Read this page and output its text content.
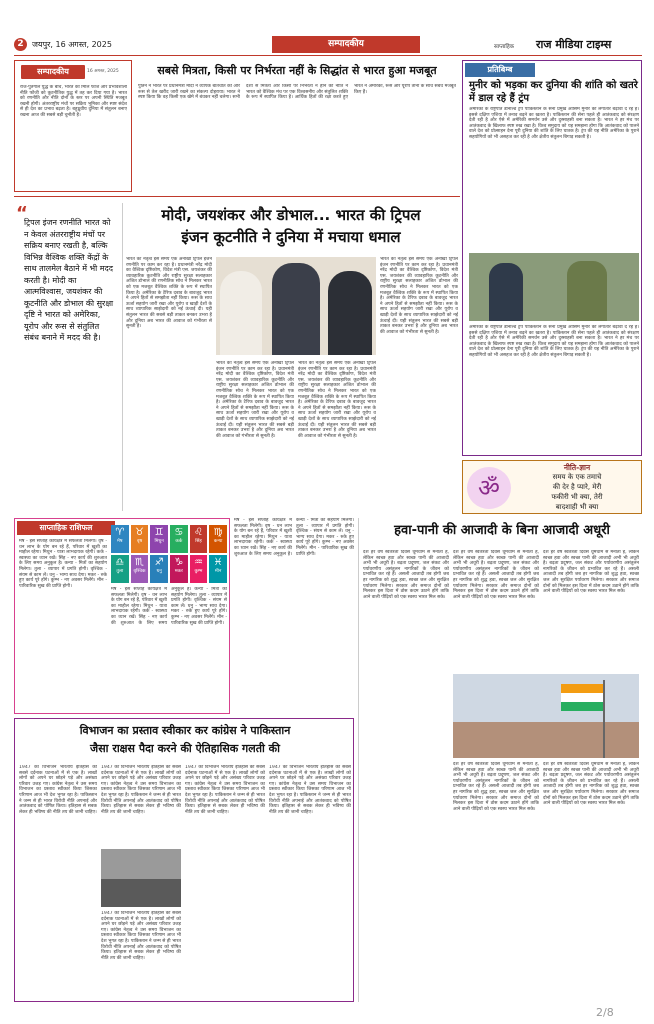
2	जयपुर, 16 अगस्त, 2025	सम्पादकीय	साप्ताहिक राज मीडिया टाइम्स
सम्पादकीय	16 अगस्त, 2025
राज-पुर्तगाल युद्ध के बीच, भारत को मिलि फौज और प्रभावशाली नीति फौजी को कूटनीतिक युद्ध में तह कर दिया गया है। भारत को रणनीति और नीति दोनों के स्तर पर अपनी स्थिति मजबूत रखनी होगी। अंतरराष्ट्रीय मंचों पर सक्रिय भूमिका और स्पष्ट संदेश से ही देश का प्रभाव बढ़ता है। बहुध्रुवीय दुनिया में संतुलन बनाए रखना आज की सबसे बड़ी चुनौती है।
सबसे मित्रता, किसी पर निर्भरता नहीं के सिद्धांत से भारत हुआ मजबूत
पुतिन ने भारत पर प्रधानमंत्री मोदी ने व्यापक बातचीत की और रूस से तेल खरीद जारी रखने का संकल्प दोहराया। भारत ने स्पष्ट किया कि वह किसी एक खेमे में बंधकर नहीं चलेगा। सभी देशों से मित्रता और किसी पर निर्भरता न होने की नीति ने भारत को वैश्विक मंच पर एक विश्वसनीय और संतुलित शक्ति के रूप में स्थापित किया है। आर्थिक हितों की रक्षा करते हुए भारत ने अमेरिका, रूस और यूरोप तीनों के साथ संबंध मजबूत किए हैं।
प्रतिबिम्ब
मुनीर को भड़का कर दुनिया की शांति को खतरे में डाल रहे हैं ट्रंप
अमेरिका के राष्ट्रपति डोनाल्ड ट्रंप पाकिस्तान के सेना प्रमुख आसिम मुनीर को लगातार बढ़ावा दे रहे हैं। इससे दक्षिण एशिया में तनाव बढ़ने का खतरा है। पाकिस्तान की सेना पहले ही आतंकवाद को संरक्षण देती रही है और ऐसे में अमेरिकी समर्थन उसे और दुस्साहसी बना सकता है। भारत ने हर मंच पर आतंकवाद के खिलाफ स्पष्ट रुख रखा है। विश्व समुदाय को यह समझना होगा कि आतंकवाद को पालने वाले देश को प्रोत्साहन देना पूरी दुनिया की शांति के लिए घातक है। ट्रंप की यह नीति अमेरिका के पुराने सहयोगियों को भी असहज कर रही है और क्षेत्रीय संतुलन बिगाड़ सकती है।
अमेरिका के राष्ट्रपति डोनाल्ड ट्रंप पाकिस्तान के सेना प्रमुख आसिम मुनीर को लगातार बढ़ावा दे रहे हैं। इससे दक्षिण एशिया में तनाव बढ़ने का खतरा है। पाकिस्तान की सेना पहले ही आतंकवाद को संरक्षण देती रही है और ऐसे में अमेरिकी समर्थन उसे और दुस्साहसी बना सकता है। भारत ने हर मंच पर आतंकवाद के खिलाफ स्पष्ट रुख रखा है। विश्व समुदाय को यह समझना होगा कि आतंकवाद को पालने वाले देश को प्रोत्साहन देना पूरी दुनिया की शांति के लिए घातक है। ट्रंप की यह नीति अमेरिका के पुराने सहयोगियों को भी असहज कर रही है और क्षेत्रीय संतुलन बिगाड़ सकती है।
“
ट्रिपल इंजन रणनीति भारत को न केवल अंतरराष्ट्रीय मंचों पर सक्रिय बनाए रखती है, बल्कि विभिन्न वैश्विक शक्ति केंद्रों के साथ तालमेल बैठाने में भी मदद करती है। मोदी का आत्मविश्वास, जयशंकर की कूटनीति और डोभाल की सुरक्षा दृष्टि ने भारत को अमेरिका, यूरोप और रूस से संतुलित संबंध बनाने में मदद की है।
मोदी, जयशंकर और डोभाल... भारत की ट्रिपल
इंजन कूटनीति ने दुनिया में मचाया धमाल
भारत का नेतृत्व इस समय एक अनोखी ट्रिपल इंजन रणनीति पर काम कर रहा है। प्रधानमंत्री नरेंद्र मोदी का वैश्विक दृष्टिकोण, विदेश मंत्री एस. जयशंकर की व्यावहारिक कूटनीति और राष्ट्रीय सुरक्षा सलाहकार अजित डोभाल की रणनीतिक सोच ने मिलकर भारत को एक मजबूत वैश्विक शक्ति के रूप में स्थापित किया है। अमेरिका के टैरिफ दबाव के बावजूद भारत ने अपने हितों से समझौता नहीं किया। रूस के साथ ऊर्जा सहयोग जारी रखा और यूरोप व खाड़ी देशों के साथ व्यापारिक साझेदारी को नई ऊंचाई दी। यही संतुलन भारत की सबसे बड़ी ताकत बनकर उभरा है और दुनिया अब भारत की आवाज को गंभीरता से सुनती है।
भारत का नेतृत्व इस समय एक अनोखी ट्रिपल इंजन रणनीति पर काम कर रहा है। प्रधानमंत्री नरेंद्र मोदी का वैश्विक दृष्टिकोण, विदेश मंत्री एस. जयशंकर की व्यावहारिक कूटनीति और राष्ट्रीय सुरक्षा सलाहकार अजित डोभाल की रणनीतिक सोच ने मिलकर भारत को एक मजबूत वैश्विक शक्ति के रूप में स्थापित किया है। अमेरिका के टैरिफ दबाव के बावजूद भारत ने अपने हितों से समझौता नहीं किया। रूस के साथ ऊर्जा सहयोग जारी रखा और यूरोप व खाड़ी देशों के साथ व्यापारिक साझेदारी को नई ऊंचाई दी। यही संतुलन भारत की सबसे बड़ी ताकत बनकर उभरा है और दुनिया अब भारत की आवाज को गंभीरता से सुनती है।
भारत का नेतृत्व इस समय एक अनोखी ट्रिपल इंजन रणनीति पर काम कर रहा है। प्रधानमंत्री नरेंद्र मोदी का वैश्विक दृष्टिकोण, विदेश मंत्री एस. जयशंकर की व्यावहारिक कूटनीति और राष्ट्रीय सुरक्षा सलाहकार अजित डोभाल की रणनीतिक सोच ने मिलकर भारत को एक मजबूत वैश्विक शक्ति के रूप में स्थापित किया है। अमेरिका के टैरिफ दबाव के बावजूद भारत ने अपने हितों से समझौता नहीं किया। रूस के साथ ऊर्जा सहयोग जारी रखा और यूरोप व खाड़ी देशों के साथ व्यापारिक साझेदारी को नई ऊंचाई दी। यही संतुलन भारत की सबसे बड़ी ताकत बनकर उभरा है और दुनिया अब भारत की आवाज को गंभीरता से सुनती है।
भारत का नेतृत्व इस समय एक अनोखी ट्रिपल इंजन रणनीति पर काम कर रहा है। प्रधानमंत्री नरेंद्र मोदी का वैश्विक दृष्टिकोण, विदेश मंत्री एस. जयशंकर की व्यावहारिक कूटनीति और राष्ट्रीय सुरक्षा सलाहकार अजित डोभाल की रणनीतिक सोच ने मिलकर भारत को एक मजबूत वैश्विक शक्ति के रूप में स्थापित किया है। अमेरिका के टैरिफ दबाव के बावजूद भारत ने अपने हितों से समझौता नहीं किया। रूस के साथ ऊर्जा सहयोग जारी रखा और यूरोप व खाड़ी देशों के साथ व्यापारिक साझेदारी को नई ऊंचाई दी। यही संतुलन भारत की सबसे बड़ी ताकत बनकर उभरा है और दुनिया अब भारत की आवाज को गंभीरता से सुनती है।
ॐ
नीति-ज्ञान
समय के एक तमाचे
की देर है प्यारे, मेरी
फकीरी भी क्या, तेरी
बादशाही भी क्या
साप्ताहिक राशिफल	♈
मेष
♉
वृष
♊
मिथुन
♋
कर्क
♌
सिंह
♍
कन्या
♎
तुला
♏
वृश्चिक
♐
धनु
♑
मकर
♒
कुम्भ
♓
मीन
मेष - इस सप्ताह कार्यक्षेत्र में सफलता मिलेगी। वृष - धन लाभ के योग बन रहे हैं, परिवार में खुशी का माहौल रहेगा। मिथुन - यात्रा लाभदायक रहेगी। कर्क - स्वास्थ्य का ध्यान रखें। सिंह - नए कार्य की शुरुआत के लिए समय अनुकूल है। कन्या - मित्रों का सहयोग मिलेगा। तुला - व्यापार में प्रगति होगी। वृश्चिक - संयम से काम लें। धनु - भाग्य साथ देगा। मकर - रुके हुए कार्य पूरे होंगे। कुम्भ - नए अवसर मिलेंगे। मीन - पारिवारिक सुख की प्राप्ति होगी।
मेष - इस सप्ताह कार्यक्षेत्र में सफलता मिलेगी। वृष - धन लाभ के योग बन रहे हैं, परिवार में खुशी का माहौल रहेगा। मिथुन - यात्रा लाभदायक रहेगी। कर्क - स्वास्थ्य का ध्यान रखें। सिंह - नए कार्य की शुरुआत के लिए समय अनुकूल है। कन्या - मित्रों का सहयोग मिलेगा। तुला - व्यापार में प्रगति होगी। वृश्चिक - संयम से काम लें। धनु - भाग्य साथ देगा। मकर - रुके हुए कार्य पूरे होंगे। कुम्भ - नए अवसर मिलेंगे। मीन - पारिवारिक सुख की प्राप्ति होगी।
मेष - इस सप्ताह कार्यक्षेत्र में सफलता मिलेगी। वृष - धन लाभ के योग बन रहे हैं, परिवार में खुशी का माहौल रहेगा। मिथुन - यात्रा लाभदायक रहेगी। कर्क - स्वास्थ्य का ध्यान रखें। सिंह - नए कार्य की शुरुआत के लिए समय अनुकूल है। कन्या - मित्रों का सहयोग मिलेगा। तुला - व्यापार में प्रगति होगी। वृश्चिक - संयम से काम लें। धनु - भाग्य साथ देगा। मकर - रुके हुए कार्य पूरे होंगे। कुम्भ - नए अवसर मिलेंगे। मीन - पारिवारिक सुख की प्राप्ति होगी।
हवा-पानी की आजादी के बिना आजादी अधूरी
देश हर वर्ष स्वतंत्रता दिवस धूमधाम से मनाता है, लेकिन स्वच्छ हवा और स्वच्छ पानी की आजादी अभी भी अधूरी है। बढ़ता प्रदूषण, जल संकट और पर्यावरणीय असंतुलन नागरिकों के जीवन को प्रभावित कर रहे हैं। असली आजादी तब होगी जब हर नागरिक को शुद्ध हवा, स्वच्छ जल और सुरक्षित पर्यावरण मिलेगा। सरकार और समाज दोनों को मिलकर इस दिशा में ठोस कदम उठाने होंगे ताकि आने वाली पीढ़ियों को एक स्वस्थ भारत मिल सके।
देश हर वर्ष स्वतंत्रता दिवस धूमधाम से मनाता है, लेकिन स्वच्छ हवा और स्वच्छ पानी की आजादी अभी भी अधूरी है। बढ़ता प्रदूषण, जल संकट और पर्यावरणीय असंतुलन नागरिकों के जीवन को प्रभावित कर रहे हैं। असली आजादी तब होगी जब हर नागरिक को शुद्ध हवा, स्वच्छ जल और सुरक्षित पर्यावरण मिलेगा। सरकार और समाज दोनों को मिलकर इस दिशा में ठोस कदम उठाने होंगे ताकि आने वाली पीढ़ियों को एक स्वस्थ भारत मिल सके।
देश हर वर्ष स्वतंत्रता दिवस धूमधाम से मनाता है, लेकिन स्वच्छ हवा और स्वच्छ पानी की आजादी अभी भी अधूरी है। बढ़ता प्रदूषण, जल संकट और पर्यावरणीय असंतुलन नागरिकों के जीवन को प्रभावित कर रहे हैं। असली आजादी तब होगी जब हर नागरिक को शुद्ध हवा, स्वच्छ जल और सुरक्षित पर्यावरण मिलेगा। सरकार और समाज दोनों को मिलकर इस दिशा में ठोस कदम उठाने होंगे ताकि आने वाली पीढ़ियों को एक स्वस्थ भारत मिल सके।
देश हर वर्ष स्वतंत्रता दिवस धूमधाम से मनाता है, लेकिन स्वच्छ हवा और स्वच्छ पानी की आजादी अभी भी अधूरी है। बढ़ता प्रदूषण, जल संकट और पर्यावरणीय असंतुलन नागरिकों के जीवन को प्रभावित कर रहे हैं। असली आजादी तब होगी जब हर नागरिक को शुद्ध हवा, स्वच्छ जल और सुरक्षित पर्यावरण मिलेगा। सरकार और समाज दोनों को मिलकर इस दिशा में ठोस कदम उठाने होंगे ताकि आने वाली पीढ़ियों को एक स्वस्थ भारत मिल सके।
देश हर वर्ष स्वतंत्रता दिवस धूमधाम से मनाता है, लेकिन स्वच्छ हवा और स्वच्छ पानी की आजादी अभी भी अधूरी है। बढ़ता प्रदूषण, जल संकट और पर्यावरणीय असंतुलन नागरिकों के जीवन को प्रभावित कर रहे हैं। असली आजादी तब होगी जब हर नागरिक को शुद्ध हवा, स्वच्छ जल और सुरक्षित पर्यावरण मिलेगा। सरकार और समाज दोनों को मिलकर इस दिशा में ठोस कदम उठाने होंगे ताकि आने वाली पीढ़ियों को एक स्वस्थ भारत मिल सके।
विभाजन का प्रस्ताव स्वीकार कर कांग्रेस ने पाकिस्तान
जैसा राक्षस पैदा करने की ऐतिहासिक गलती की
1947 का विभाजन भारतीय इतिहास की सबसे दर्दनाक घटनाओं में से एक है। लाखों लोगों को अपने घर छोड़ने पड़े और असंख्य परिवार उजड़ गए। कांग्रेस नेतृत्व ने उस समय विभाजन का प्रस्ताव स्वीकार किया जिसका परिणाम आज भी देश भुगत रहा है। पाकिस्तान ने जन्म से ही भारत विरोधी नीति अपनाई और आतंकवाद को पोषित किया। इतिहास से सबक लेकर ही भविष्य की नीति तय की जानी चाहिए।
1947 का विभाजन भारतीय इतिहास की सबसे दर्दनाक घटनाओं में से एक है। लाखों लोगों को अपने घर छोड़ने पड़े और असंख्य परिवार उजड़ गए। कांग्रेस नेतृत्व ने उस समय विभाजन का प्रस्ताव स्वीकार किया जिसका परिणाम आज भी देश भुगत रहा है। पाकिस्तान ने जन्म से ही भारत विरोधी नीति अपनाई और आतंकवाद को पोषित किया। इतिहास से सबक लेकर ही भविष्य की नीति तय की जानी चाहिए।
1947 का विभाजन भारतीय इतिहास की सबसे दर्दनाक घटनाओं में से एक है। लाखों लोगों को अपने घर छोड़ने पड़े और असंख्य परिवार उजड़ गए। कांग्रेस नेतृत्व ने उस समय विभाजन का प्रस्ताव स्वीकार किया जिसका परिणाम आज भी देश भुगत रहा है। पाकिस्तान ने जन्म से ही भारत विरोधी नीति अपनाई और आतंकवाद को पोषित किया। इतिहास से सबक लेकर ही भविष्य की नीति तय की जानी चाहिए।
1947 का विभाजन भारतीय इतिहास की सबसे दर्दनाक घटनाओं में से एक है। लाखों लोगों को अपने घर छोड़ने पड़े और असंख्य परिवार उजड़ गए। कांग्रेस नेतृत्व ने उस समय विभाजन का प्रस्ताव स्वीकार किया जिसका परिणाम आज भी देश भुगत रहा है। पाकिस्तान ने जन्म से ही भारत विरोधी नीति अपनाई और आतंकवाद को पोषित किया। इतिहास से सबक लेकर ही भविष्य की नीति तय की जानी चाहिए।
1947 का विभाजन भारतीय इतिहास की सबसे दर्दनाक घटनाओं में से एक है। लाखों लोगों को अपने घर छोड़ने पड़े और असंख्य परिवार उजड़ गए। कांग्रेस नेतृत्व ने उस समय विभाजन का प्रस्ताव स्वीकार किया जिसका परिणाम आज भी देश भुगत रहा है। पाकिस्तान ने जन्म से ही भारत विरोधी नीति अपनाई और आतंकवाद को पोषित किया। इतिहास से सबक लेकर ही भविष्य की नीति तय की जानी चाहिए।
2/8
